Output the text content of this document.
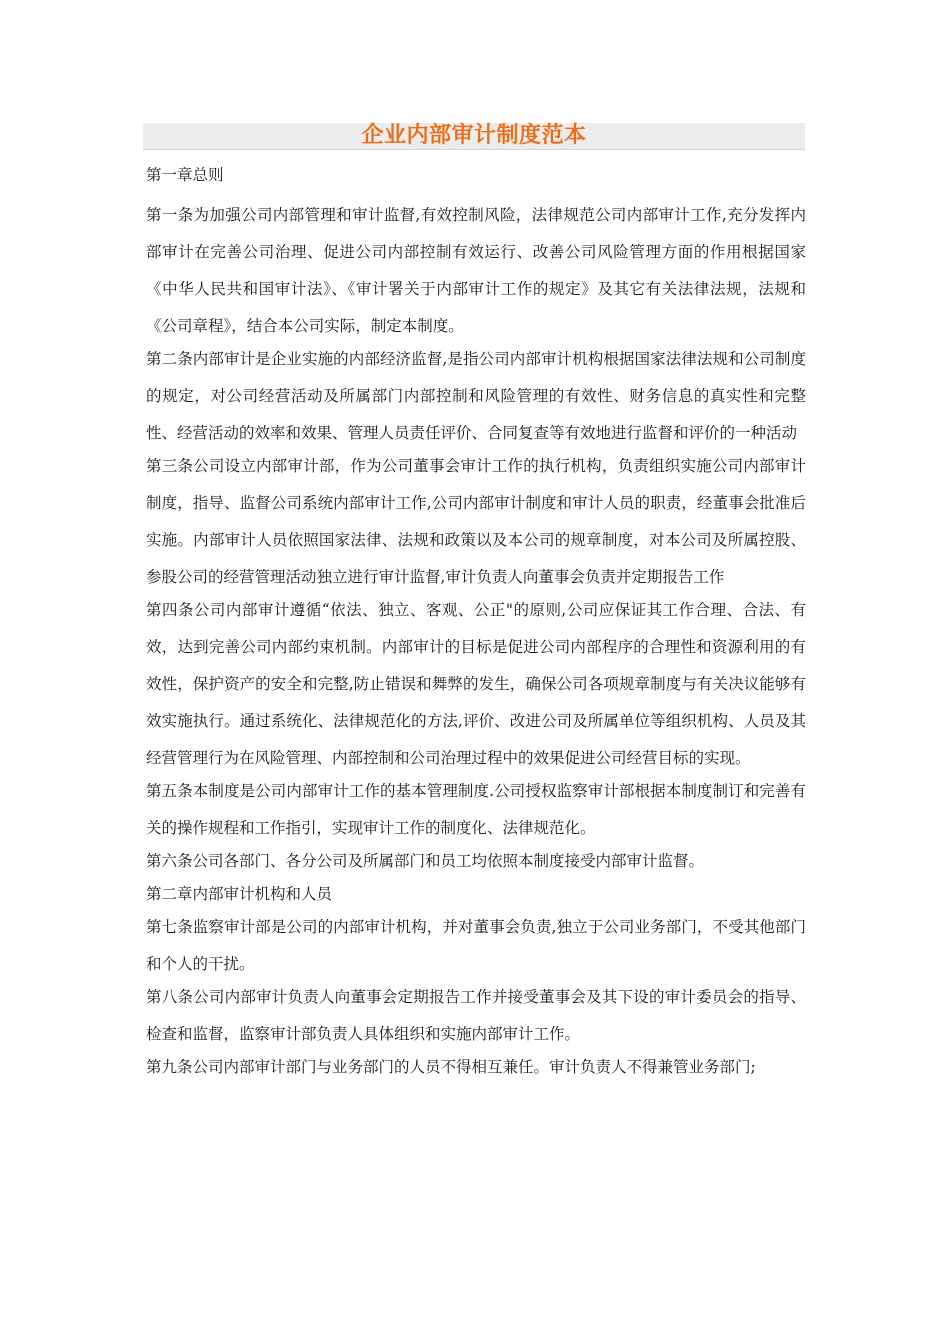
企业内部审计制度范本

第一章总则

第一条为加强公司内部管理和审计监督,有效控制风险，法律规范公司内部审计工作,充分发挥内部审计在完善公司治理、促进公司内部控制有效运行、改善公司风险管理方面的作用根据国家《中华人民共和国审计法》、《审计署关于内部审计工作的规定》及其它有关法律法规，法规和《公司章程》，结合本公司实际，制定本制度。

第二条内部审计是企业实施的内部经济监督,是指公司内部审计机构根据国家法律法规和公司制度的规定，对公司经营活动及所属部门内部控制和风险管理的有效性、财务信息的真实性和完整性、经营活动的效率和效果、管理人员责任评价、合同复查等有效地进行监督和评价的一种活动

第三条公司设立内部审计部，作为公司董事会审计工作的执行机构，负责组织实施公司内部审计制度，指导、监督公司系统内部审计工作,公司内部审计制度和审计人员的职责，经董事会批准后实施。内部审计人员依照国家法律、法规和政策以及本公司的规章制度，对本公司及所属控股、参股公司的经营管理活动独立进行审计监督,审计负责人向董事会负责并定期报告工作

第四条公司内部审计遵循“依法、独立、客观、公正"的原则,公司应保证其工作合理、合法、有效，达到完善公司内部约束机制。内部审计的目标是促进公司内部程序的合理性和资源利用的有效性，保护资产的安全和完整,防止错误和舞弊的发生，确保公司各项规章制度与有关决议能够有效实施执行。通过系统化、法律规范化的方法,评价、改进公司及所属单位等组织机构、人员及其经营管理行为在风险管理、内部控制和公司治理过程中的效果促进公司经营目标的实现。

第五条本制度是公司内部审计工作的基本管理制度.公司授权监察审计部根据本制度制订和完善有关的操作规程和工作指引，实现审计工作的制度化、法律规范化。

第六条公司各部门、各分公司及所属部门和员工均依照本制度接受内部审计监督。

第二章内部审计机构和人员

第七条监察审计部是公司的内部审计机构，并对董事会负责,独立于公司业务部门，不受其他部门和个人的干扰。

第八条公司内部审计负责人向董事会定期报告工作并接受董事会及其下设的审计委员会的指导、检查和监督，监察审计部负责人具体组织和实施内部审计工作。

第九条公司内部审计部门与业务部门的人员不得相互兼任。审计负责人不得兼管业务部门;
